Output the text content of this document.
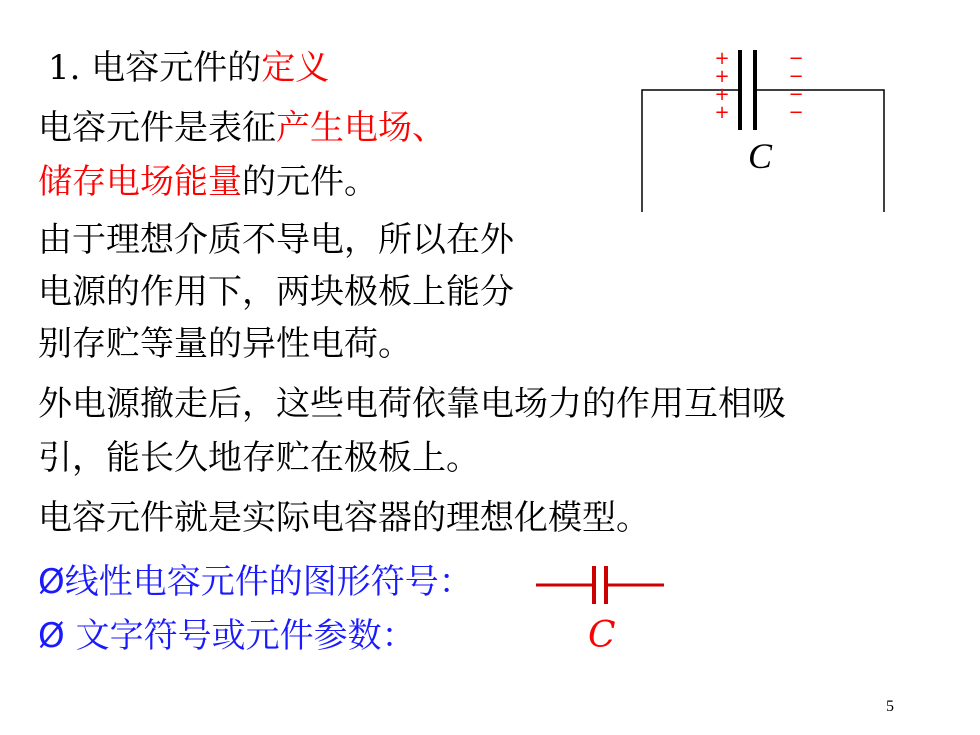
1. 电容元件的定义
电容元件是表征产生电场、
储存电场能量的元件。
由于理想介质不导电，所以在外
电源的作用下，两块极板上能分
别存贮等量的异性电荷。
外电源撤走后，这些电荷依靠电场力的作用互相吸
引，能长久地存贮在极板上。
电容元件就是实际电容器的理想化模型。
Ø线性电容元件的图形符号：
Ø 文字符号或元件参数：	C
+
+
+
+
−
−
−
−
C
5
